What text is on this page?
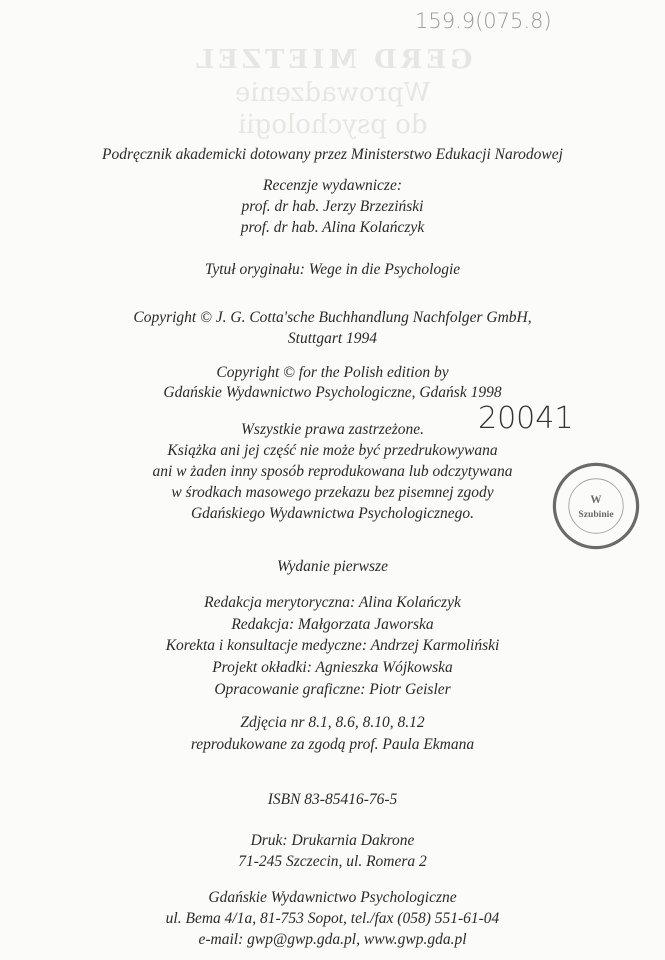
GERD MIETZEL
Wprowadzenie
do psychologii
159.9(075.8)
20041
W
Szubinie
Podręcznik akademicki dotowany przez Ministerstwo Edukacji Narodowej
Recenzje wydawnicze:
prof. dr hab. Jerzy Brzeziński
prof. dr hab. Alina Kolańczyk
Tytuł oryginału: Wege in die Psychologie
Copyright © J. G. Cotta'sche Buchhandlung Nachfolger GmbH,
Stuttgart 1994
Copyright © for the Polish edition by
Gdańskie Wydawnictwo Psychologiczne, Gdańsk 1998
Wszystkie prawa zastrzeżone.
Książka ani jej część nie może być przedrukowywana
ani w żaden inny sposób reprodukowana lub odczytywana
w środkach masowego przekazu bez pisemnej zgody
Gdańskiego Wydawnictwa Psychologicznego.
Wydanie pierwsze
Redakcja merytoryczna: Alina Kolańczyk
Redakcja: Małgorzata Jaworska
Korekta i konsultacje medyczne: Andrzej Karmoliński
Projekt okładki: Agnieszka Wójkowska
Opracowanie graficzne: Piotr Geisler
Zdjęcia nr 8.1, 8.6, 8.10, 8.12
reprodukowane za zgodą prof. Paula Ekmana
ISBN 83-85416-76-5
Druk: Drukarnia Dakrone
71-245 Szczecin, ul. Romera 2
Gdańskie Wydawnictwo Psychologiczne
ul. Bema 4/1a, 81-753 Sopot, tel./fax (058) 551-61-04
e-mail: gwp@gwp.gda.pl, www.gwp.gda.pl
